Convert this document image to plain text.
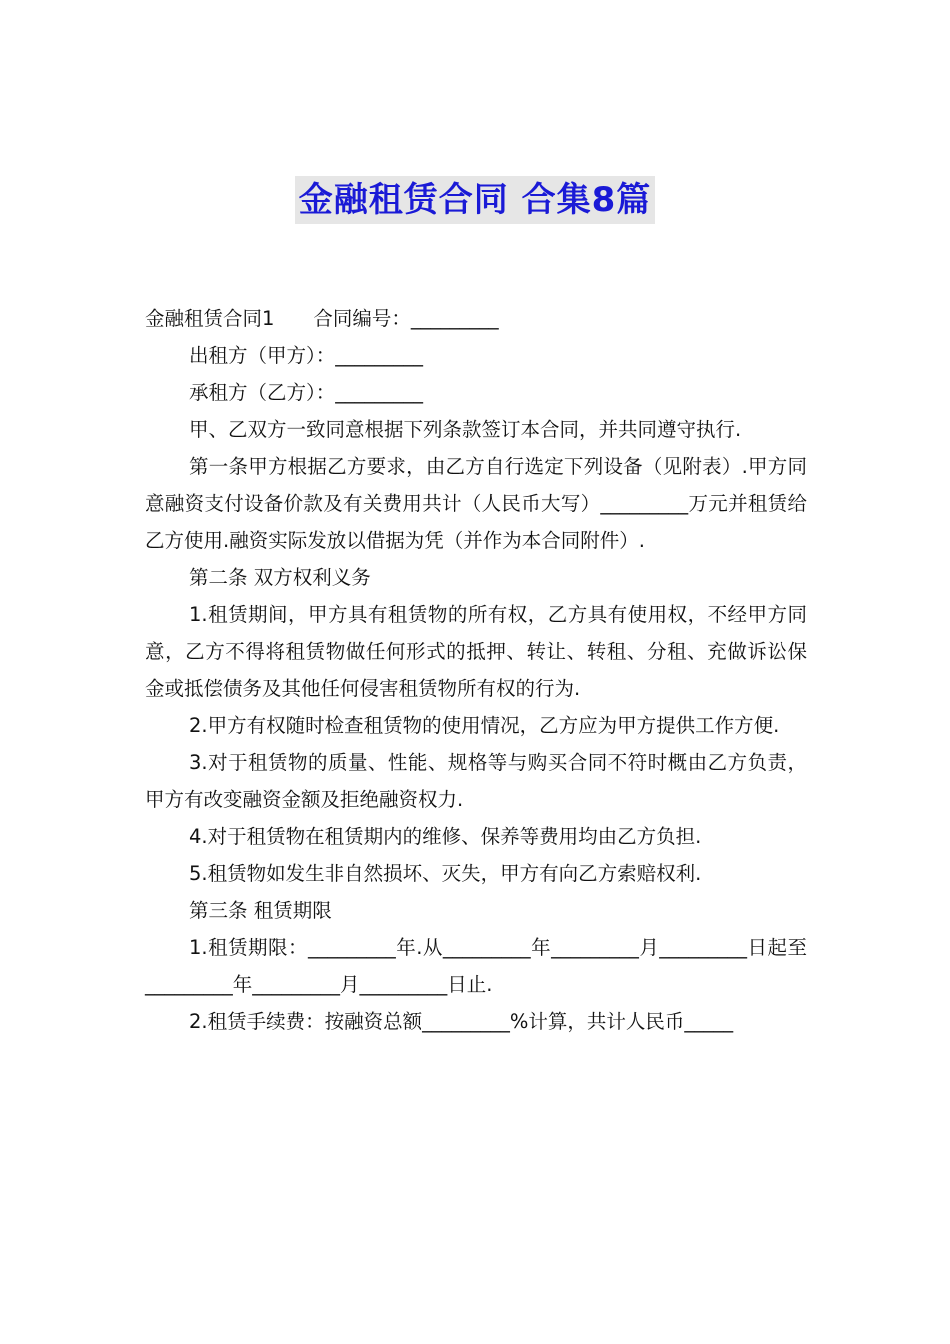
金融租赁合同 合集8篇

金融租赁合同1　　合同编号：_________

出租方（甲方）：_________

承租方（乙方）：_________

甲、乙双方一致同意根据下列条款签订本合同，并共同遵守执行.

第一条甲方根据乙方要求，由乙方自行选定下列设备（见附表）.甲方同意融资支付设备价款及有关费用共计（人民币大写）_________万元并租赁给乙方使用.融资实际发放以借据为凭（并作为本合同附件）.

第二条 双方权利义务

1.租赁期间，甲方具有租赁物的所有权，乙方具有使用权，不经甲方同意，乙方不得将租赁物做任何形式的抵押、转让、转租、分租、充做诉讼保金或抵偿债务及其他任何侵害租赁物所有权的行为.

2.甲方有权随时检查租赁物的使用情况，乙方应为甲方提供工作方便.

3.对于租赁物的质量、性能、规格等与购买合同不符时概由乙方负责，甲方有改变融资金额及拒绝融资权力.

4.对于租赁物在租赁期内的维修、保养等费用均由乙方负担.

5.租赁物如发生非自然损坏、灭失，甲方有向乙方索赔权利.

第三条 租赁期限

1.租赁期限：_________年.从_________年_________月_________日起至_________年_________月_________日止.

2.租赁手续费：按融资总额_________%计算，共计人民币_____
